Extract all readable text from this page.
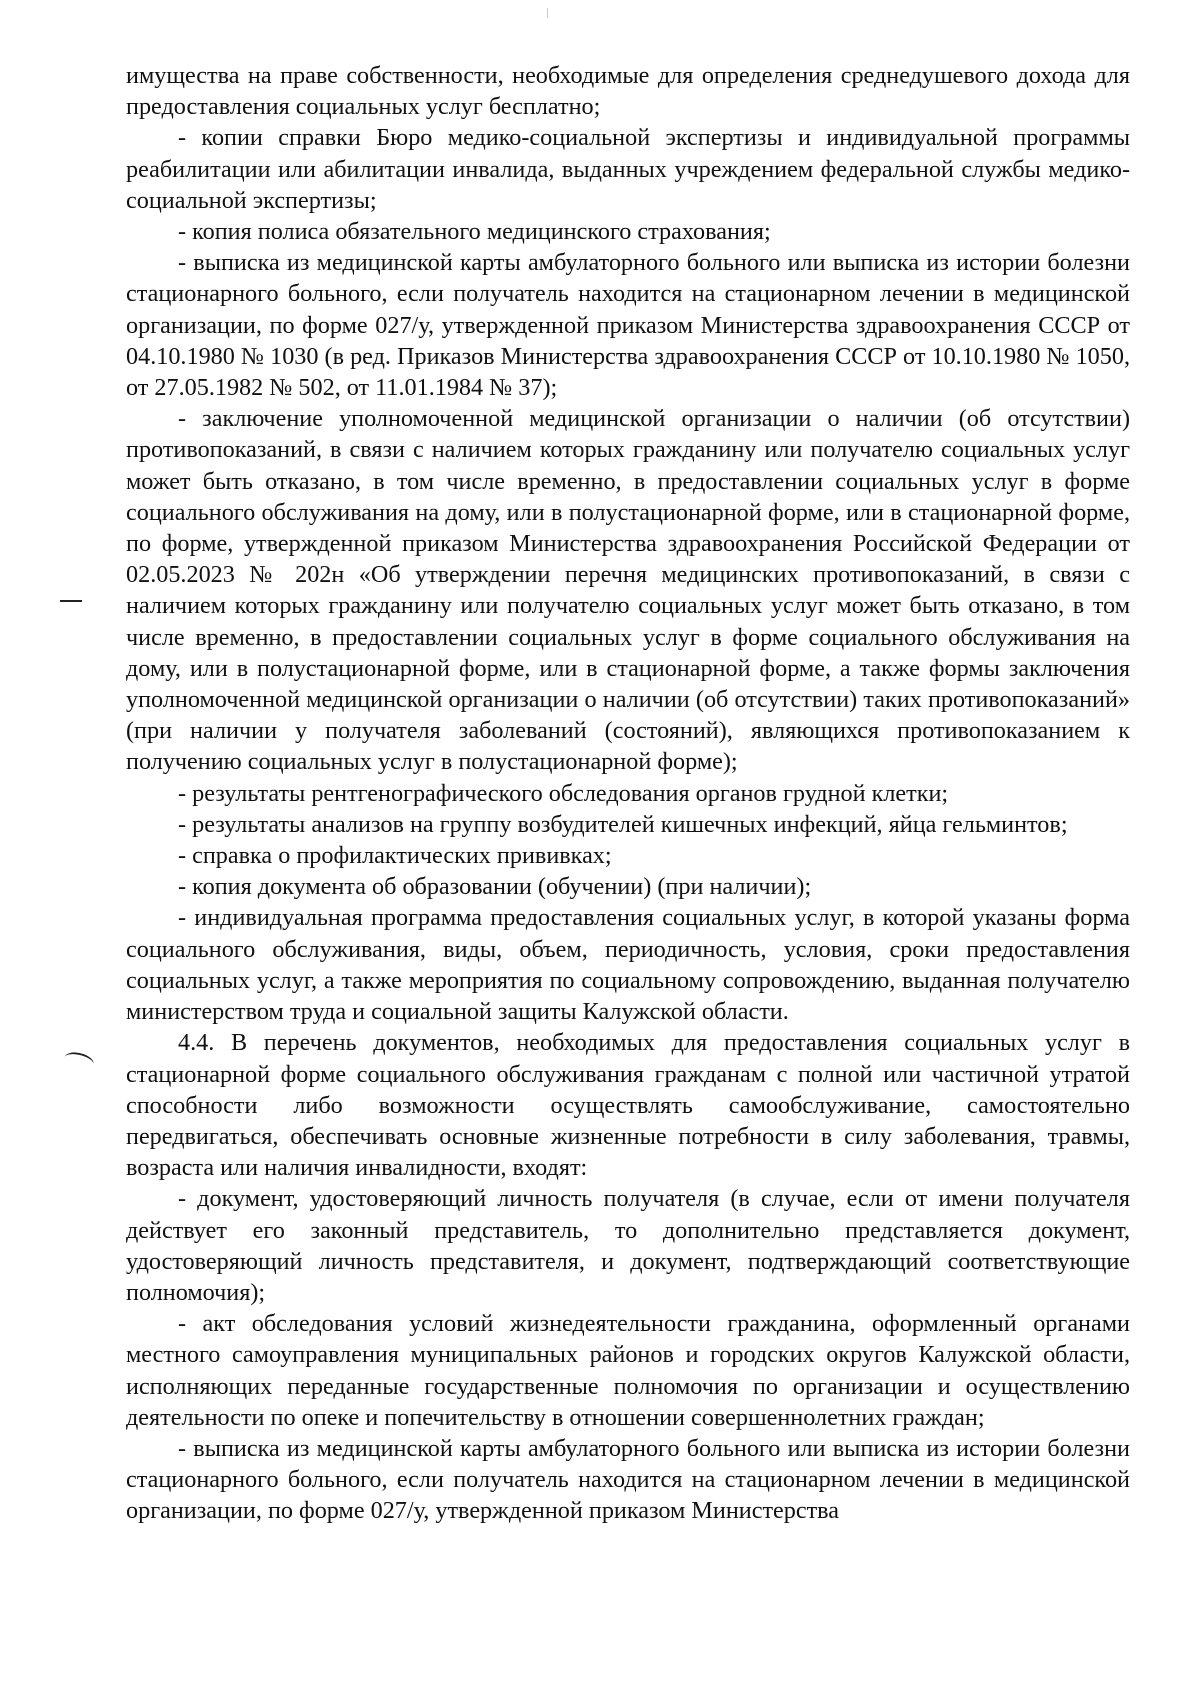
имущества на праве собственности, необходимые для определения среднедушевого дохода для предоставления социальных услуг бесплатно;

- копии справки Бюро медико-социальной экспертизы и индивидуальной программы реабилитации или абилитации инвалида, выданных учреждением федеральной службы медико-социальной экспертизы;

- копия полиса обязательного медицинского страхования;

- выписка из медицинской карты амбулаторного больного или выписка из истории болезни стационарного больного, если получатель находится на стационарном лечении в медицинской организации, по форме 027/у, утвержденной приказом Министерства здравоохранения СССР от 04.10.1980 № 1030 (в ред. Приказов Министерства здравоохранения СССР от 10.10.1980 № 1050, от 27.05.1982 № 502, от 11.01.1984 № 37);

- заключение уполномоченной медицинской организации о наличии (об отсутствии) противопоказаний, в связи с наличием которых гражданину или получателю социальных услуг может быть отказано, в том числе временно, в предоставлении социальных услуг в форме социального обслуживания на дому, или в полустационарной форме, или в стационарной форме, по форме, утвержденной приказом Министерства здравоохранения Российской Федерации от 02.05.2023 № 202н «Об утверждении перечня медицинских противопоказаний, в связи с наличием которых гражданину или получателю социальных услуг может быть отказано, в том числе временно, в предоставлении социальных услуг в форме социального обслуживания на дому, или в полустационарной форме, или в стационарной форме, а также формы заключения уполномоченной медицинской организации о наличии (об отсутствии) таких противопоказаний» (при наличии у получателя заболеваний (состояний), являющихся противопоказанием к получению социальных услуг в полустационарной форме);

- результаты рентгенографического обследования органов грудной клетки;

- результаты анализов на группу возбудителей кишечных инфекций, яйца гельминтов;

- справка о профилактических прививках;

- копия документа об образовании (обучении) (при наличии);

- индивидуальная программа предоставления социальных услуг, в которой указаны форма социального обслуживания, виды, объем, периодичность, условия, сроки предоставления социальных услуг, а также мероприятия по социальному сопровождению, выданная получателю министерством труда и социальной защиты Калужской области.

4.4. В перечень документов, необходимых для предоставления социальных услуг в стационарной форме социального обслуживания гражданам с полной или частичной утратой способности либо возможности осуществлять самообслуживание, самостоятельно передвигаться, обеспечивать основные жизненные потребности в силу заболевания, травмы, возраста или наличия инвалидности, входят:

- документ, удостоверяющий личность получателя (в случае, если от имени получателя действует его законный представитель, то дополнительно представляется документ, удостоверяющий личность представителя, и документ, подтверждающий соответствующие полномочия);

- акт обследования условий жизнедеятельности гражданина, оформленный органами местного самоуправления муниципальных районов и городских округов Калужской области, исполняющих переданные государственные полномочия по организации и осуществлению деятельности по опеке и попечительству в отношении совершеннолетних граждан;

- выписка из медицинской карты амбулаторного больного или выписка из истории болезни стационарного больного, если получатель находится на стационарном лечении в медицинской организации, по форме 027/у, утвержденной приказом Министерства
